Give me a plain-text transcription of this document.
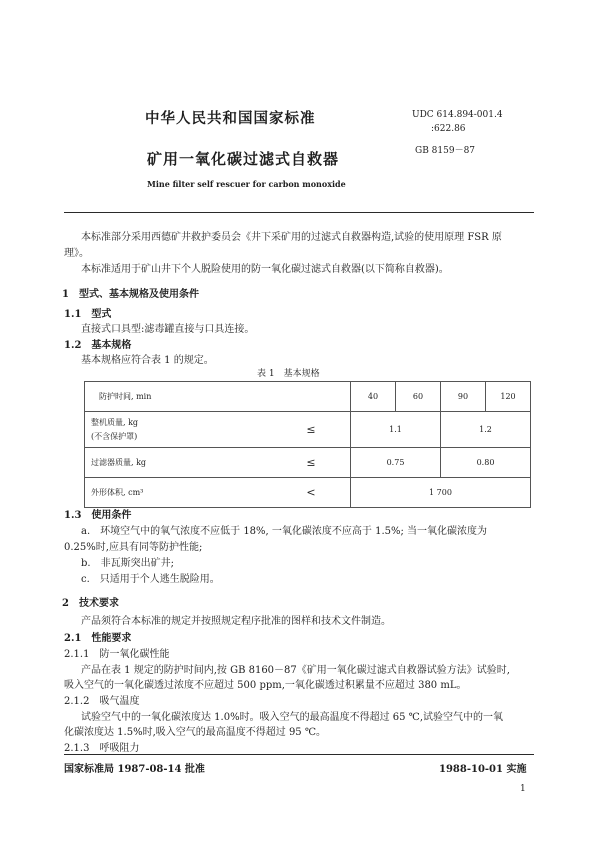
中华人民共和国国家标准	UDC 614.894-001.4
:622.86
矿用一氧化碳过滤式自救器	GB 8159－87
Mine filter self rescuer for carbon monoxide
本标准部分采用西德矿井救护委员会《井下采矿用的过滤式自救器构造,试验的使用原理 FSR 原
理》。
本标准适用于矿山井下个人脱险使用的防一氧化碳过滤式自救器(以下简称自救器)。
1　型式、基本规格及使用条件
1.1　型式
直接式口具型:滤毒罐直接与口具连接。
1.2　基本规格
基本规格应符合表 1 的规定。
表 1　基本规格
防护时间, min		40	60	90	120

整机质量, kg
(不含保护罩)	≤	1.1		1.2	
过滤器质量, kg	≤	0.75		0.80	
外形体积, cm³	<	1 700			
1.3　使用条件
a.　环境空气中的氧气浓度不应低于 18%, 一氧化碳浓度不应高于 1.5%; 当一氧化碳浓度为
0.25%时,应具有同等防护性能;
b.　非瓦斯突出矿井;
c.　只适用于个人逃生脱险用。
2　技术要求
产品须符合本标准的规定并按照规定程序批准的图样和技术文件制造。
2.1　性能要求
2.1.1　防一氧化碳性能
产品在表 1 规定的防护时间内,按 GB 8160－87《矿用一氧化碳过滤式自救器试验方法》试验时,
吸入空气的一氧化碳透过浓度不应超过 500 ppm,一氧化碳透过积累量不应超过 380 mL。
2.1.2　吸气温度
试验空气中的一氧化碳浓度达 1.0%时。吸入空气的最高温度不得超过 65 ℃,试验空气中的一氧
化碳浓度达 1.5%时,吸入空气的最高温度不得超过 95 ℃。
2.1.3　呼吸阻力
国家标准局 1987-08-14 批准	1988-10-01 实施
1
